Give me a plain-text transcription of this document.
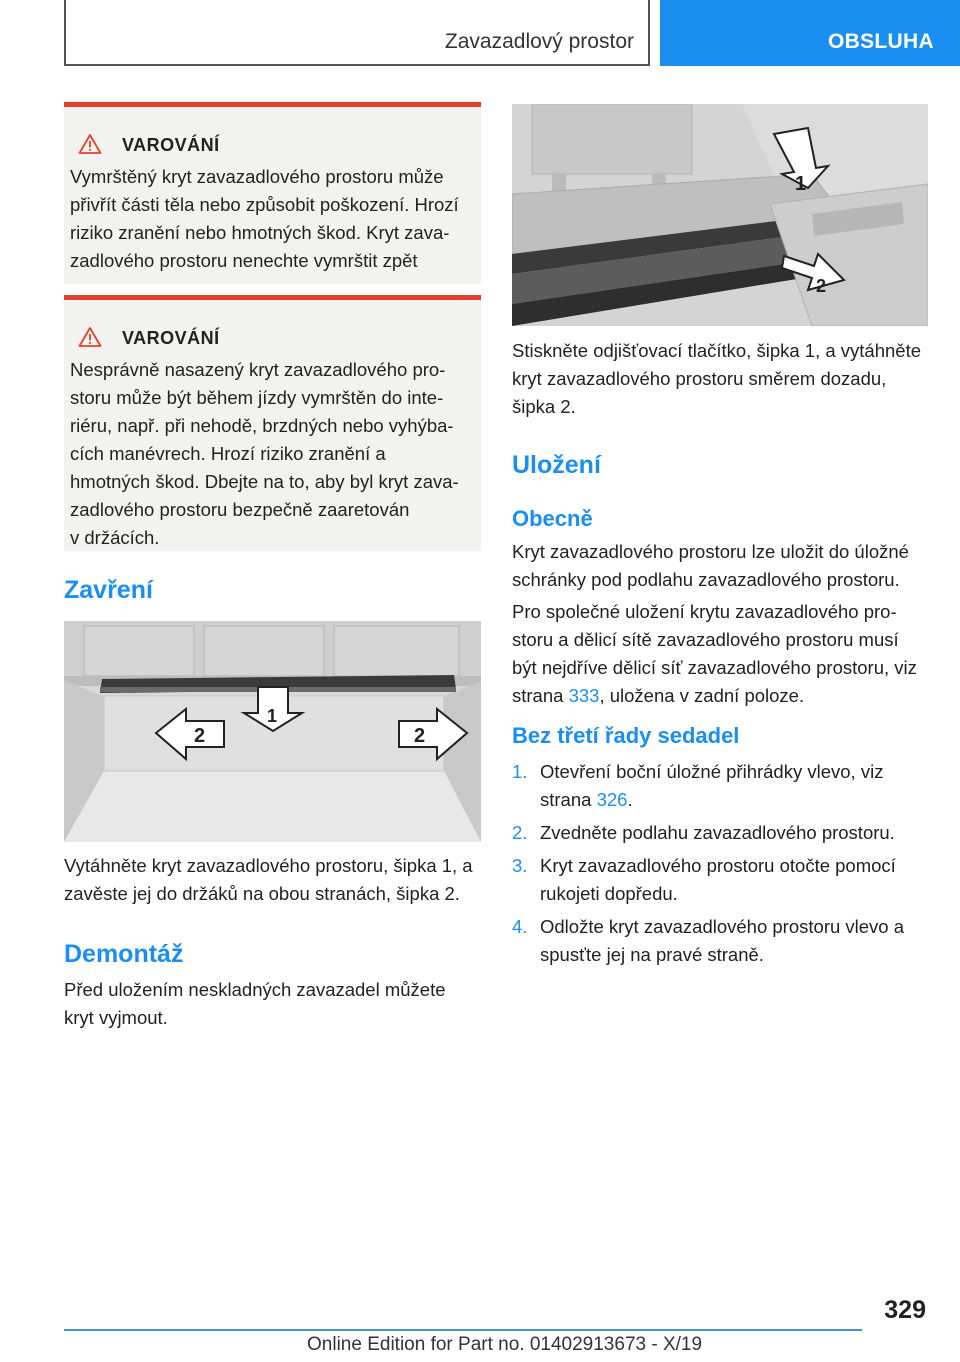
Zavazadlový prostor	OBSLUHA
VAROVÁNÍ

Vymrštěný kryt zavazadlového prostoru může

přivřít části těla nebo způsobit poškození. Hrozí

riziko zranění nebo hmotných škod. Kryt zava‐

zadlového prostoru nenechte vymrštit zpět

VAROVÁNÍ

Nesprávně nasazený kryt zavazadlového pro‐

storu může být během jízdy vymrštěn do inte‐

riéru, např. při nehodě, brzdných nebo vyhýba‐

cích manévrech. Hrozí riziko zranění a

hmotných škod. Dbejte na to, aby byl kryt zava‐

zadlového prostoru bezpečně zaaretován

v držácích.

Zavření
1
2	2
Vytáhněte kryt zavazadlového prostoru, šipka 1, a
zavěste jej do držáků na obou stranách, šipka 2.
Demontáž
Před uložením neskladných zavazadel můžete
kryt vyjmout.
1
2
Stiskněte odjišťovací tlačítko, šipka 1, a vytáhněte
kryt zavazadlového prostoru směrem dozadu,
šipka 2.
Uložení
Obecně
Kryt zavazadlového prostoru lze uložit do úložné
schránky pod podlahu zavazadlového prostoru.
Pro společné uložení krytu zavazadlového pro‐
storu a dělicí sítě zavazadlového prostoru musí
být nejdříve dělicí síť zavazadlového prostoru, viz
strana 333, uložena v zadní poloze.
Bez třetí řady sedadel
1. Otevření boční úložné přihrádky vlevo, viz
strana 326.
2. Zvedněte podlahu zavazadlového prostoru.
3. Kryt zavazadlového prostoru otočte pomocí
rukojeti dopředu.
4. Odložte kryt zavazadlového prostoru vlevo a
spusťte jej na pravé straně.
329
Online Edition for Part no. 01402913673 - X/19
